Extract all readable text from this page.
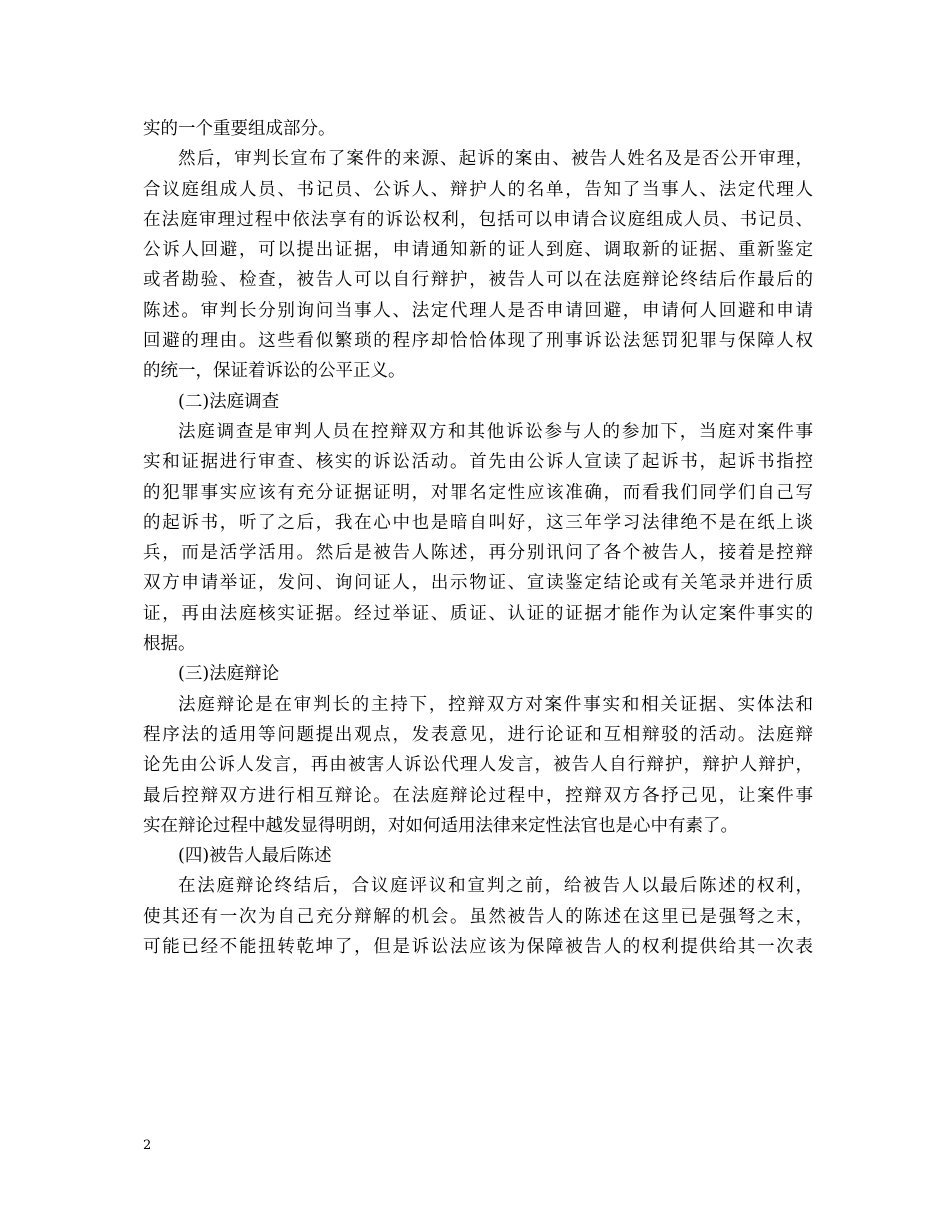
实的一个重要组成部分。
然后，审判长宣布了案件的来源、起诉的案由、被告人姓名及是否公开审理，
合议庭组成人员、书记员、公诉人、辩护人的名单，告知了当事人、法定代理人
在法庭审理过程中依法享有的诉讼权利，包括可以申请合议庭组成人员、书记员、
公诉人回避，可以提出证据，申请通知新的证人到庭、调取新的证据、重新鉴定
或者勘验、检查，被告人可以自行辩护，被告人可以在法庭辩论终结后作最后的
陈述。审判长分别询问当事人、法定代理人是否申请回避，申请何人回避和申请
回避的理由。这些看似繁琐的程序却恰恰体现了刑事诉讼法惩罚犯罪与保障人权
的统一，保证着诉讼的公平正义。
(二)法庭调查
法庭调查是审判人员在控辩双方和其他诉讼参与人的参加下，当庭对案件事
实和证据进行审查、核实的诉讼活动。首先由公诉人宣读了起诉书，起诉书指控
的犯罪事实应该有充分证据证明，对罪名定性应该准确，而看我们同学们自己写
的起诉书，听了之后，我在心中也是暗自叫好，这三年学习法律绝不是在纸上谈
兵，而是活学活用。然后是被告人陈述，再分别讯问了各个被告人，接着是控辩
双方申请举证，发问、询问证人，出示物证、宣读鉴定结论或有关笔录并进行质
证，再由法庭核实证据。经过举证、质证、认证的证据才能作为认定案件事实的
根据。
(三)法庭辩论
法庭辩论是在审判长的主持下，控辩双方对案件事实和相关证据、实体法和
程序法的适用等问题提出观点，发表意见，进行论证和互相辩驳的活动。法庭辩
论先由公诉人发言，再由被害人诉讼代理人发言，被告人自行辩护，辩护人辩护，
最后控辩双方进行相互辩论。在法庭辩论过程中，控辩双方各抒己见，让案件事
实在辩论过程中越发显得明朗，对如何适用法律来定性法官也是心中有素了。
(四)被告人最后陈述
在法庭辩论终结后，合议庭评议和宣判之前，给被告人以最后陈述的权利，
使其还有一次为自己充分辩解的机会。虽然被告人的陈述在这里已是强弩之末，
可能已经不能扭转乾坤了，但是诉讼法应该为保障被告人的权利提供给其一次表
2
